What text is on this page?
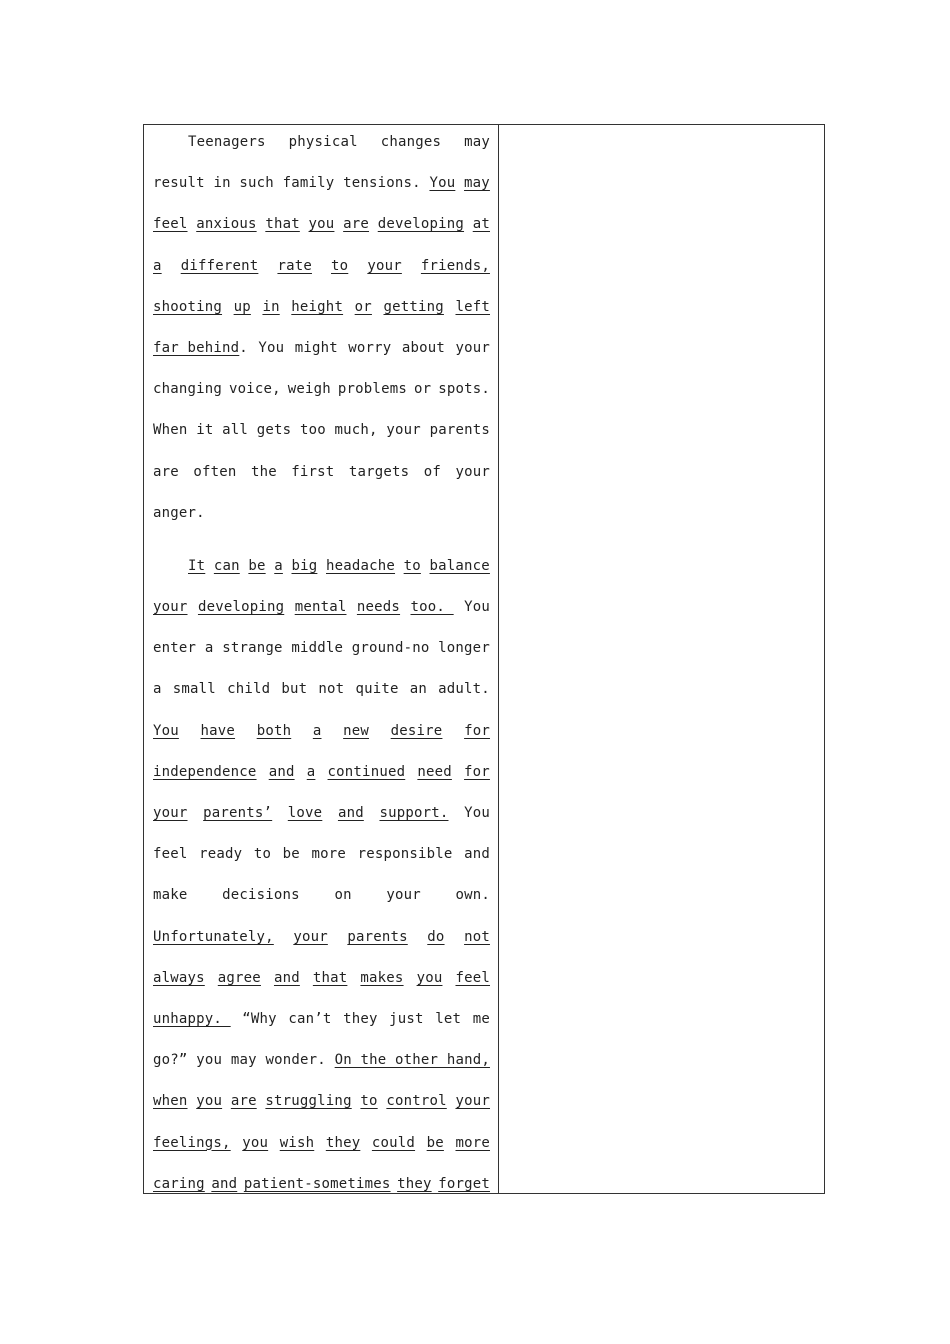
Teenagers physical changes may
result in such family tensions. You may
feel anxious that you are developing at
a different rate to your friends,
shooting up in height or getting left
far behind. You might worry about your
changing voice, weigh problems or spots.
When it all gets too much, your parents
are often the first targets of your
anger.
It can be a big headache to balance
your developing mental needs too. You
enter a strange middle ground-no longer
a small child but not quite an adult.
You have both a new desire for
independence and a continued need for
your parents’ love and support. You
feel ready to be more responsible and
make decisions on your own.
Unfortunately, your parents do not
always agree and that makes you feel
unhappy. “Why can’t they just let me
go?” you may wonder. On the other hand,
when you are struggling to control your
feelings, you wish they could be more
caring and patient-sometimes they forget
